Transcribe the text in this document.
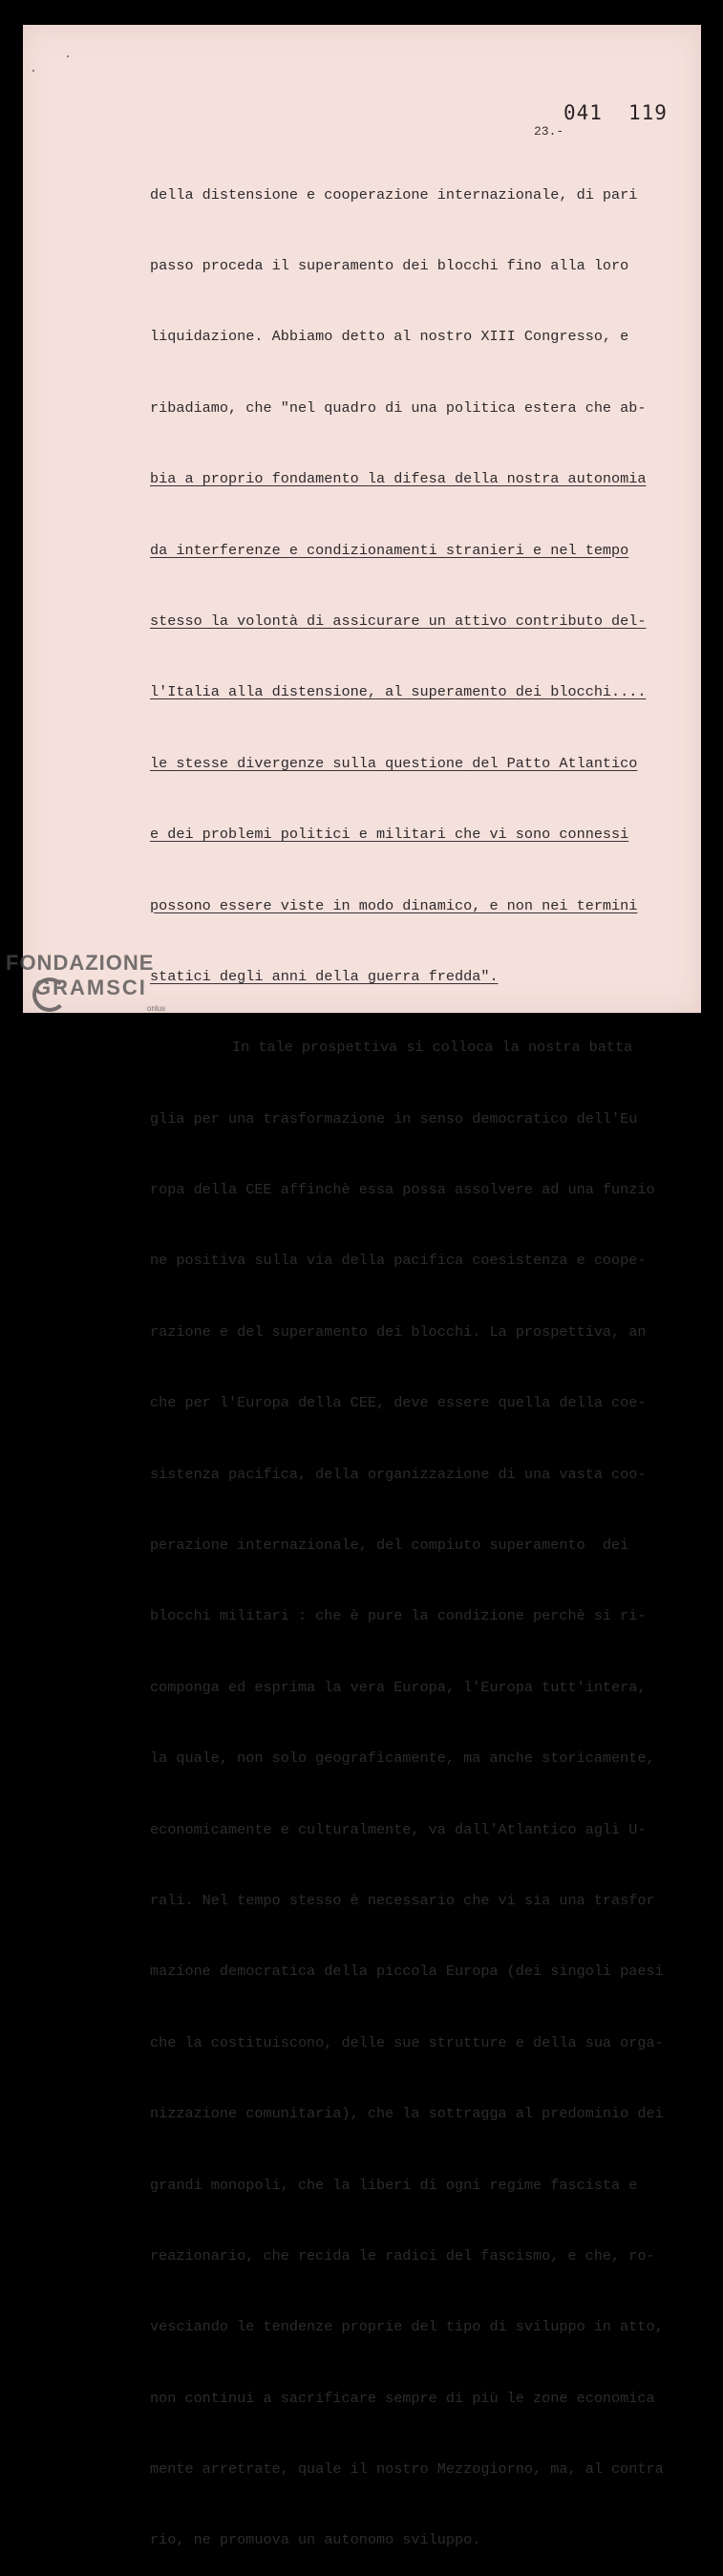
041 119
23.-

della distensione e cooperazione internazionale, di pari

passo proceda il superamento dei blocchi fino alla loro

liquidazione. Abbiamo detto al nostro XIII Congresso, e

ribadiamo, che "nel quadro di una politica estera che ab-

bia a proprio fondamento la difesa della nostra autonomia

da interferenze e condizionamenti stranieri e nel tempo

stesso la volontà di assicurare un attivo contributo del-

l'Italia alla distensione, al superamento dei blocchi....

le stesse divergenze sulla questione del Patto Atlantico

e dei problemi politici e militari che vi sono connessi

possono essere viste in modo dinamico, e non nei termini

statici degli anni della guerra fredda".

In tale prospettiva si colloca la nostra batta

glia per una trasformazione in senso democratico dell'Eu

ropa della CEE affinchè essa possa assolvere ad una funzio

ne positiva sulla via della pacifica coesistenza e coope-

razione e del superamento dei blocchi. La prospettiva, an

che per l'Europa della CEE, deve essere quella della coe-

sistenza pacifica, della organizzazione di una vasta coo-

perazione internazionale, del compiuto superamento  dei

blocchi militari : che è pure la condizione perchè si ri-

componga ed esprima la vera Europa, l'Europa tutt'intera,

la quale, non solo geograficamente, ma anche storicamente,

economicamente e culturalmente, va dall'Atlantico agli U-

rali. Nel tempo stesso è necessario che vi sia una trasfor

mazione democratica della piccola Europa (dei singoli paesi

che la costituiscono, delle sue strutture e della sua orga-

nizzazione comunitaria), che la sottragga al predominio dei

grandi monopoli, che la liberi di ogni regime fascista e

reazionario, che recida le radici del fascismo, e che, ro-

vesciando le tendenze proprie del tipo di sviluppo in atto,

non continui a sacrificare sempre di più le zone economica

mente arretrate, quale il nostro Mezzogiorno, ma, al contra

rio, ne promuova un autonomo sviluppo.

FONDAZIONE
GRAMSCI
onlus
